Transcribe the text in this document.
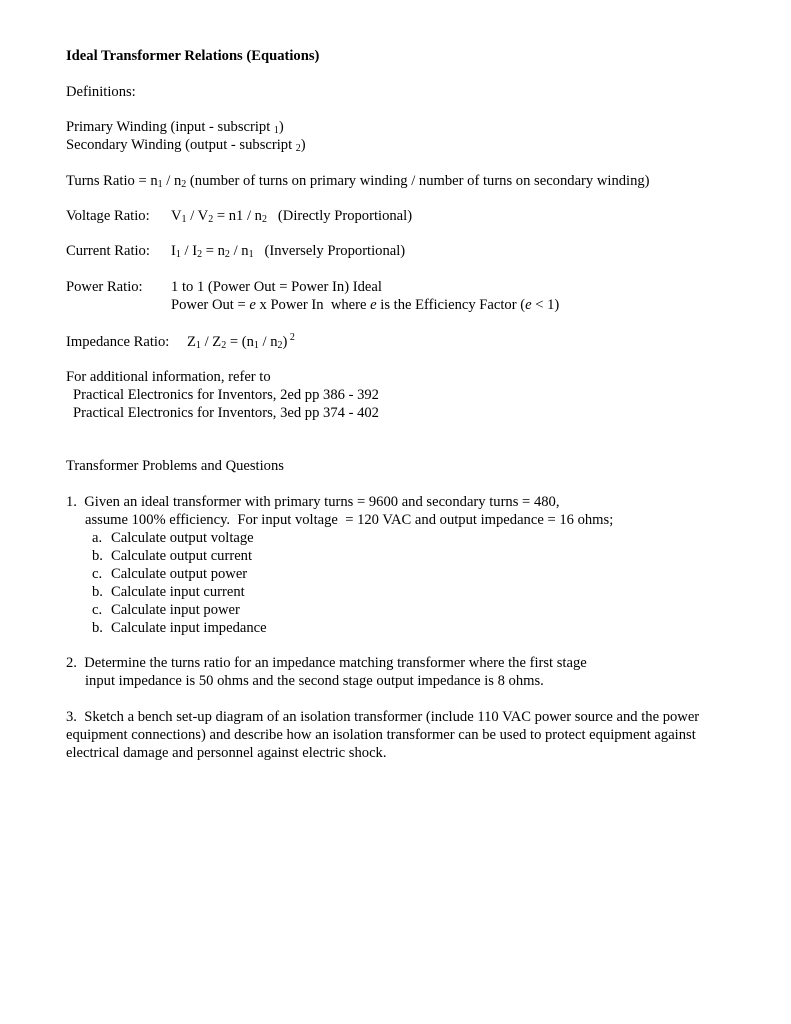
Ideal Transformer Relations (Equations)
Definitions:
Primary Winding (input - subscript $_1$)
Secondary Winding (output - subscript $_2$)
Turns Ratio = $n_1 / n_2$ (number of turns on primary winding / number of turns on secondary winding)
Voltage Ratio: $V_1 / V_2 = n1 / n_2$   (Directly Proportional)
Current Ratio: $I_1 / I_2 = n_2 / n_1$   (Inversely Proportional)
Power Ratio: 1 to 1 (Power Out = Power In) Ideal
Power Out = e x Power In  where e is the Efficiency Factor (e < 1)
Impedance Ratio: $Z_1 / Z_2 = (n_1 / n_2)$ $^2$
For additional information, refer to
Practical Electronics for Inventors, 2ed pp 386 - 392
Practical Electronics for Inventors, 3ed pp 374 - 402
Transformer Problems and Questions
1.  Given an ideal transformer with primary turns = 9600 and secondary turns = 480,
assume 100% efficiency.  For input voltage  = 120 VAC and output impedance = 16 ohms;
a. Calculate output voltage
b. Calculate output current
c. Calculate output power
b. Calculate input current
c. Calculate input power
b. Calculate input impedance
2.  Determine the turns ratio for an impedance matching transformer where the first stage
input impedance is 50 ohms and the second stage output impedance is 8 ohms.
3.  Sketch a bench set-up diagram of an isolation transformer (include 110 VAC power source and the power
equipment connections) and describe how an isolation transformer can be used to protect equipment against
electrical damage and personnel against electric shock.
